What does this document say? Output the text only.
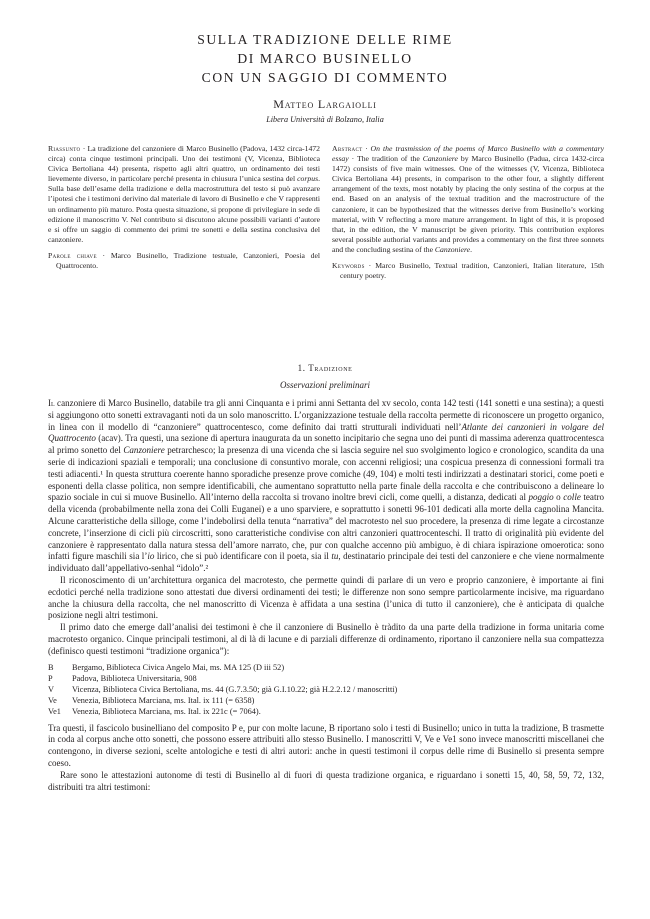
SULLA TRADIZIONE DELLE RIME
DI MARCO BUSINELLO
CON UN SAGGIO DI COMMENTO
Matteo Largaiolli
Libera Università di Bolzano, Italia

Riassunto · La tradizione del canzoniere di Marco Businello (Padova, 1432 circa-1472 circa) conta cinque testimoni principali. Uno dei testimoni (V, Vicenza, Biblioteca Civica Bertoliana 44) presenta, rispetto agli altri quattro, un ordinamento dei testi lievemente diverso, in particolare perché presenta in chiusura l’unica sestina del corpus. Sulla base dell’esame della tradizione e della macrostruttura del testo si può avanzare l’ipotesi che i testimoni derivino dal materiale di lavoro di Businello e che V rappresenti un ordinamento più maturo. Posta questa situazione, si propone di privilegiare in sede di edizione il manoscritto V. Nel contributo si discutono alcune possibili varianti d’autore e si offre un saggio di commento dei primi tre sonetti e della sestina conclusiva del canzoniere.

Parole chiave · Marco Businello, Tradizione testuale, Canzonieri, Poesia del Quattrocento.

Abstract · On the trasmission of the poems of Marco Businello with a commentary essay · The tradition of the Canzoniere by Marco Businello (Padua, circa 1432-circa 1472) consists of five main witnesses. One of the witnesses (V, Vicenza, Biblioteca Civica Bertoliana 44) presents, in comparison to the other four, a slightly different arrangement of the texts, most notably by placing the only sestina of the corpus at the end. Based on an analysis of the textual tradition and the macrostructure of the canzoniere, it can be hypothesized that the witnesses derive from Businello’s working material, with V reflecting a more mature arrangement. In light of this, it is proposed that, in the edition, the V manuscript be given priority. This contribution explores several possible authorial variants and provides a commentary on the first three sonnets and the concluding sestina of the Canzoniere.

Keywords · Marco Businello, Textual tradition, Canzonieri, Italian literature, 15th century poetry.

1. Tradizione
Osservazioni preliminari

Il canzoniere di Marco Businello, databile tra gli anni Cinquanta e i primi anni Settanta del xv secolo, conta 142 testi (141 sonetti e una sestina); a questi si aggiungono otto sonetti extravaganti noti da un solo manoscritto. L’organizzazione testuale della raccolta permette di riconoscere un progetto organico, in linea con il modello di “canzoniere” quattrocentesco, come definito dai tratti strutturali individuati nell’Atlante dei canzonieri in volgare del Quattrocento (acav). Tra questi, una sezione di apertura inaugurata da un sonetto incipitario che segna uno dei punti di massima aderenza quattrocentesca al primo sonetto del Canzoniere petrarchesco; la presenza di una vicenda che si lascia seguire nel suo svolgimento logico e cronologico, scandita da una serie di indicazioni spaziali e temporali; una conclusione di consuntivo morale, con accenni religiosi; una cospicua presenza di connessioni formali tra testi adiacenti.¹ In questa struttura coerente hanno sporadiche presenze prove comiche (49, 104) e molti testi indirizzati a destinatari storici, come poeti e esponenti della classe politica, non sempre identificabili, che aumentano soprattutto nella parte finale della raccolta e che contribuiscono a delineare lo spazio sociale in cui si muove Businello. All’interno della raccolta si trovano inoltre brevi cicli, come quelli, a distanza, dedicati al poggio o colle teatro della vicenda (probabilmente nella zona dei Colli Euganei) e a uno sparviere, e soprattutto i sonetti 96-101 dedicati alla morte della cagnolina Mancita. Alcune caratteristiche della silloge, come l’indebolirsi della tenuta “narrativa” del macrotesto nel suo procedere, la presenza di rime legate a circostanze concrete, l’inserzione di cicli più circoscritti, sono caratteristiche condivise con altri canzonieri quattrocenteschi. Il tratto di originalità più evidente del canzoniere è rappresentato dalla natura stessa dell’amore narrato, che, pur con qualche accenno più ambiguo, è di chiara ispirazione omoerotica: sono infatti figure maschili sia l’io lirico, che si può identificare con il poeta, sia il tu, destinatario principale dei testi del canzoniere e che viene normalmente individuato dall’appellativo-senhal “idolo”.²

Il riconoscimento di un’architettura organica del macrotesto, che permette quindi di parlare di un vero e proprio canzoniere, è importante ai fini ecdotici perché nella tradizione sono attestati due diversi ordinamenti dei testi; le differenze non sono sempre particolarmente incisive, ma riguardano anche la chiusura della raccolta, che nel manoscritto di Vicenza è affidata a una sestina (l’unica di tutto il canzoniere), che è anticipata di qualche posizione negli altri testimoni.

Il primo dato che emerge dall’analisi dei testimoni è che il canzoniere di Businello è tràdito da una parte della tradizione in forma unitaria come macrotesto organico. Cinque principali testimoni, al di là di lacune e di parziali differenze di ordinamento, riportano il canzoniere nella sua compattezza (definisco questi testimoni “tradizione organica”):

B	Bergamo, Biblioteca Civica Angelo Mai, ms. MA 125 (D iii 52)
P	Padova, Biblioteca Universitaria, 908
V	Vicenza, Biblioteca Civica Bertoliana, ms. 44 (G.7.3.50; già G.I.10.22; già H.2.2.12 / manoscritti)
Ve	Venezia, Biblioteca Marciana, ms. Ital. ix 111 (= 6358)
Ve1	Venezia, Biblioteca Marciana, ms. Ital. ix 221c (= 7064).

Tra questi, il fascicolo businelliano del composito P e, pur con molte lacune, B riportano solo i testi di Businello; unico in tutta la tradizione, B trasmette in coda al corpus anche otto sonetti, che possono essere attribuiti allo stesso Businello. I manoscritti V, Ve e Ve1 sono invece manoscritti miscellanei che contengono, in diverse sezioni, scelte antologiche e testi di altri autori: anche in questi testimoni il corpus delle rime di Businello si presenta sempre coeso.

Rare sono le attestazioni autonome di testi di Businello al di fuori di questa tradizione organica, e riguardano i sonetti 15, 40, 58, 59, 72, 132, distribuiti tra altri testimoni:
